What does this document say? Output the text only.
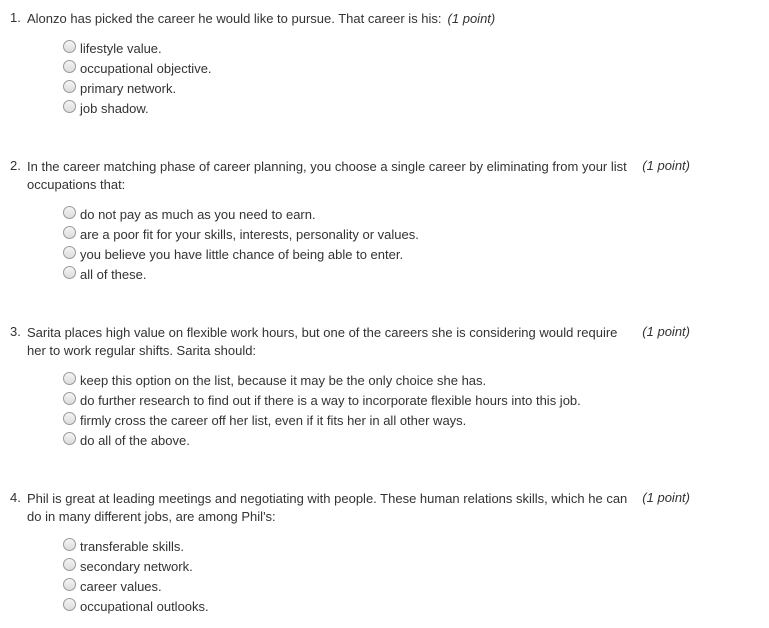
1. Alonzo has picked the career he would like to pursue. That career is his: (1 point)
lifestyle value.
occupational objective.
primary network.
job shadow.
2. In the career matching phase of career planning, you choose a single career by eliminating from your list
occupations that:
(1 point)
do not pay as much as you need to earn.
are a poor fit for your skills, interests, personality or values.
you believe you have little chance of being able to enter.
all of these.
3. Sarita places high value on flexible work hours, but one of the careers she is considering would require
her to work regular shifts. Sarita should:
(1 point)
keep this option on the list, because it may be the only choice she has.
do further research to find out if there is a way to incorporate flexible hours into this job.
firmly cross the career off her list, even if it fits her in all other ways.
do all of the above.
4. Phil is great at leading meetings and negotiating with people. These human relations skills, which he can
do in many different jobs, are among Phil's:
(1 point)
transferable skills.
secondary network.
career values.
occupational outlooks.
